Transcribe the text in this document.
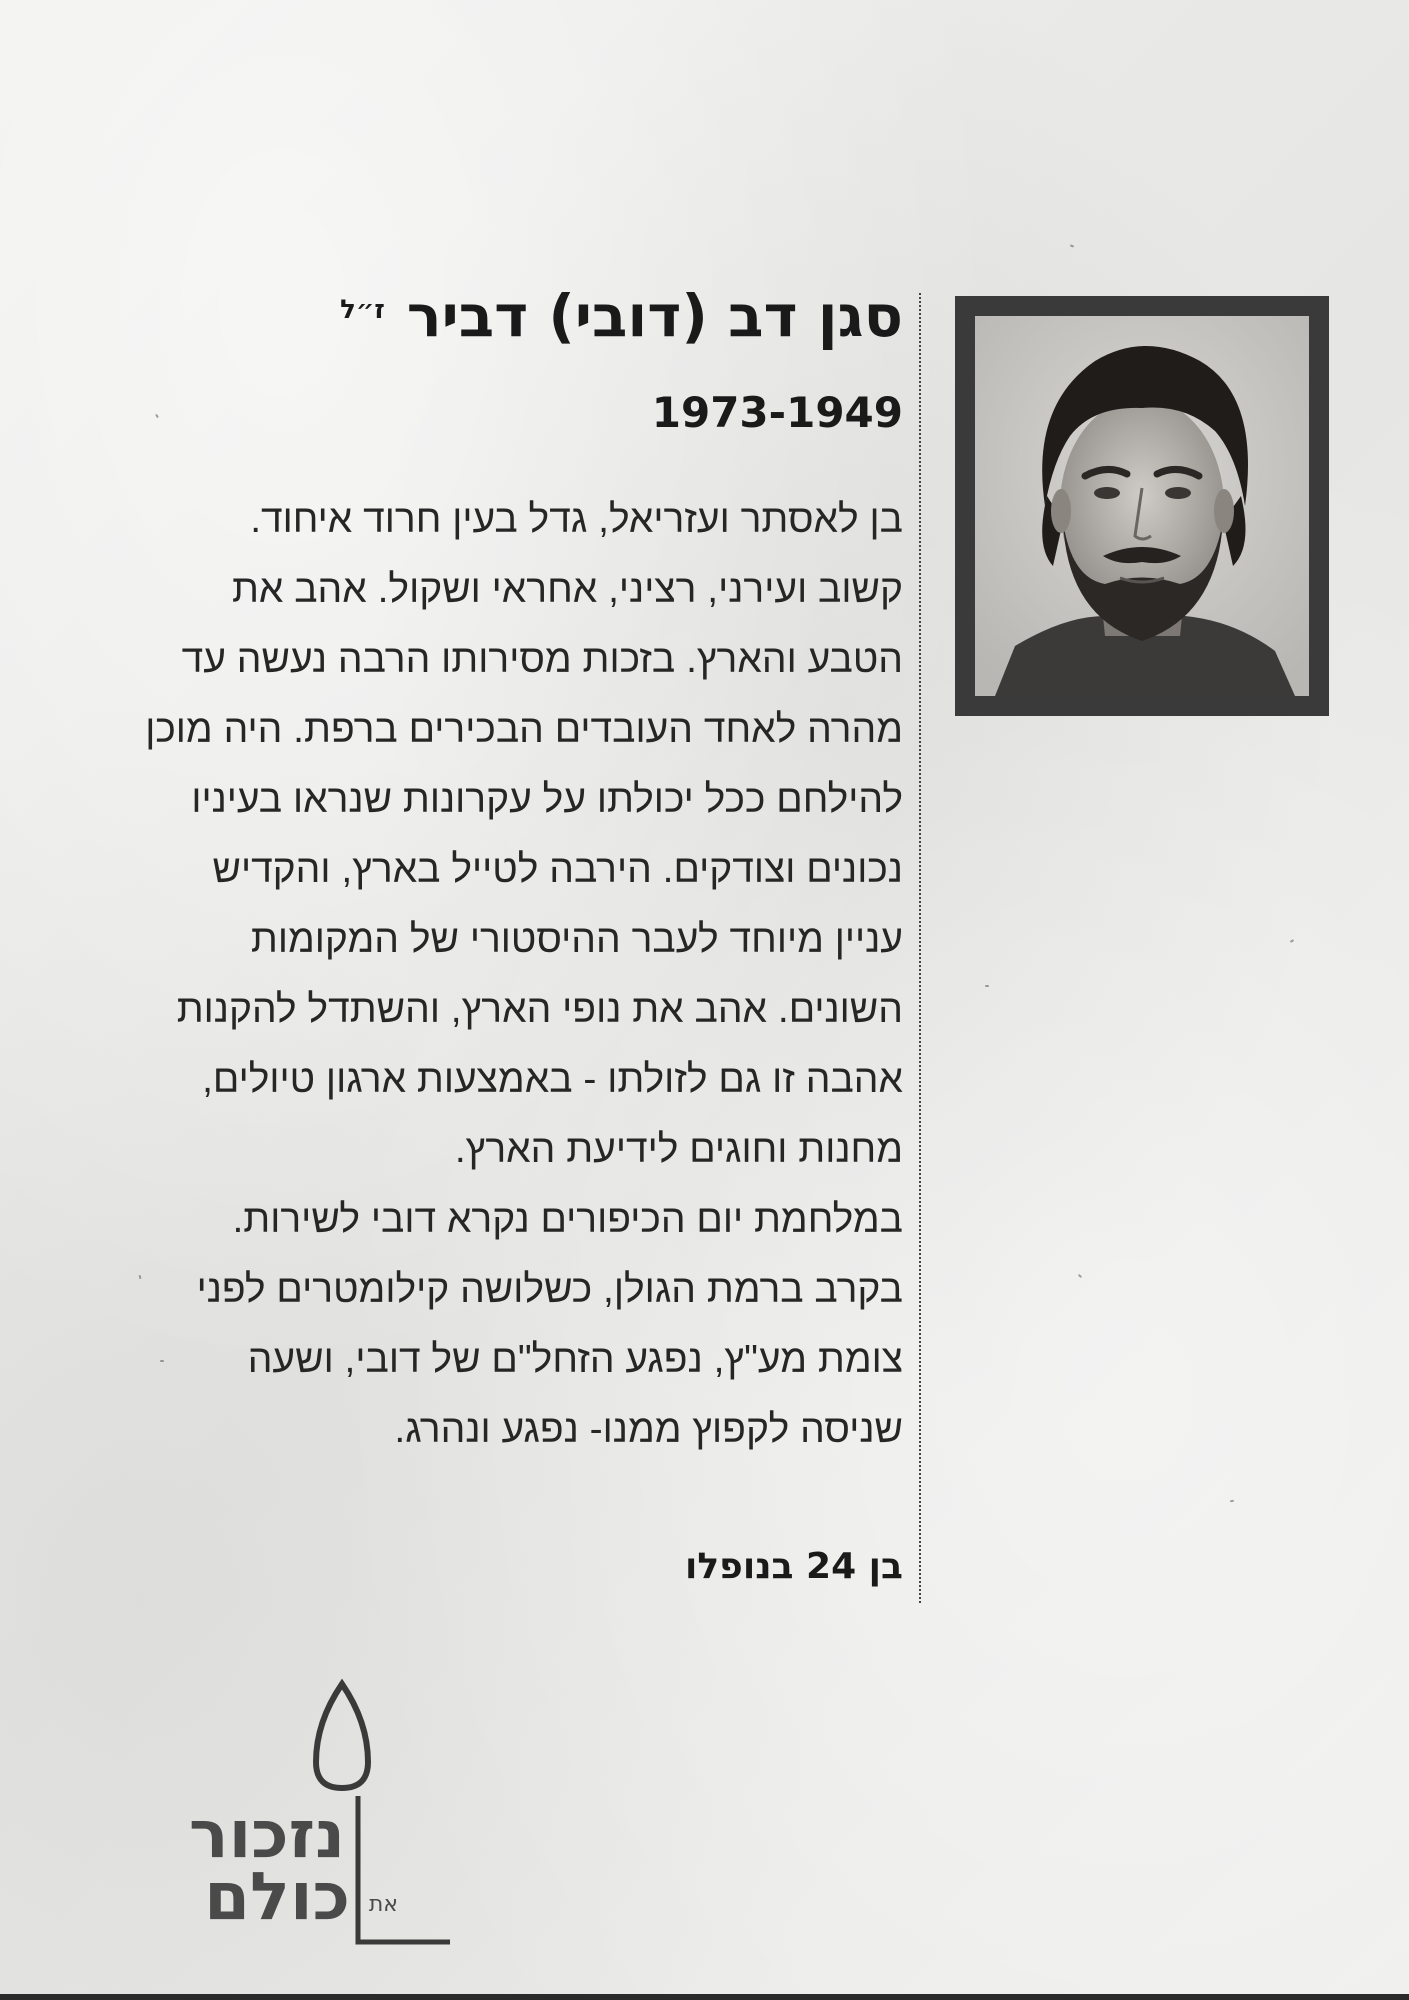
סגן דב (דובי) דבירז״ל
1973-1949
בן לאסתר ועזריאל, גדל בעין חרוד איחוד.
קשוב ועירני, רציני, אחראי ושקול. אהב את
הטבע והארץ. בזכות מסירותו הרבה נעשה עד
מהרה לאחד העובדים הבכירים ברפת. היה מוכן
להילחם ככל יכולתו על עקרונות שנראו בעיניו
נכונים וצודקים. הירבה לטייל בארץ, והקדיש
עניין מיוחד לעבר ההיסטורי של המקומות
השונים. אהב את נופי הארץ, והשתדל להקנות
אהבה זו גם לזולתו - באמצעות ארגון טיולים,
מחנות וחוגים לידיעת הארץ.
במלחמת יום הכיפורים נקרא דובי לשירות.
בקרב ברמת הגולן, כשלושה קילומטרים לפני
צומת מע"ץ, נפגע הזחל"ם של דובי, ושעה
שניסה לקפוץ ממנו- נפגע ונהרג.
בן 24 בנופלו
נזכור
את
כולם
